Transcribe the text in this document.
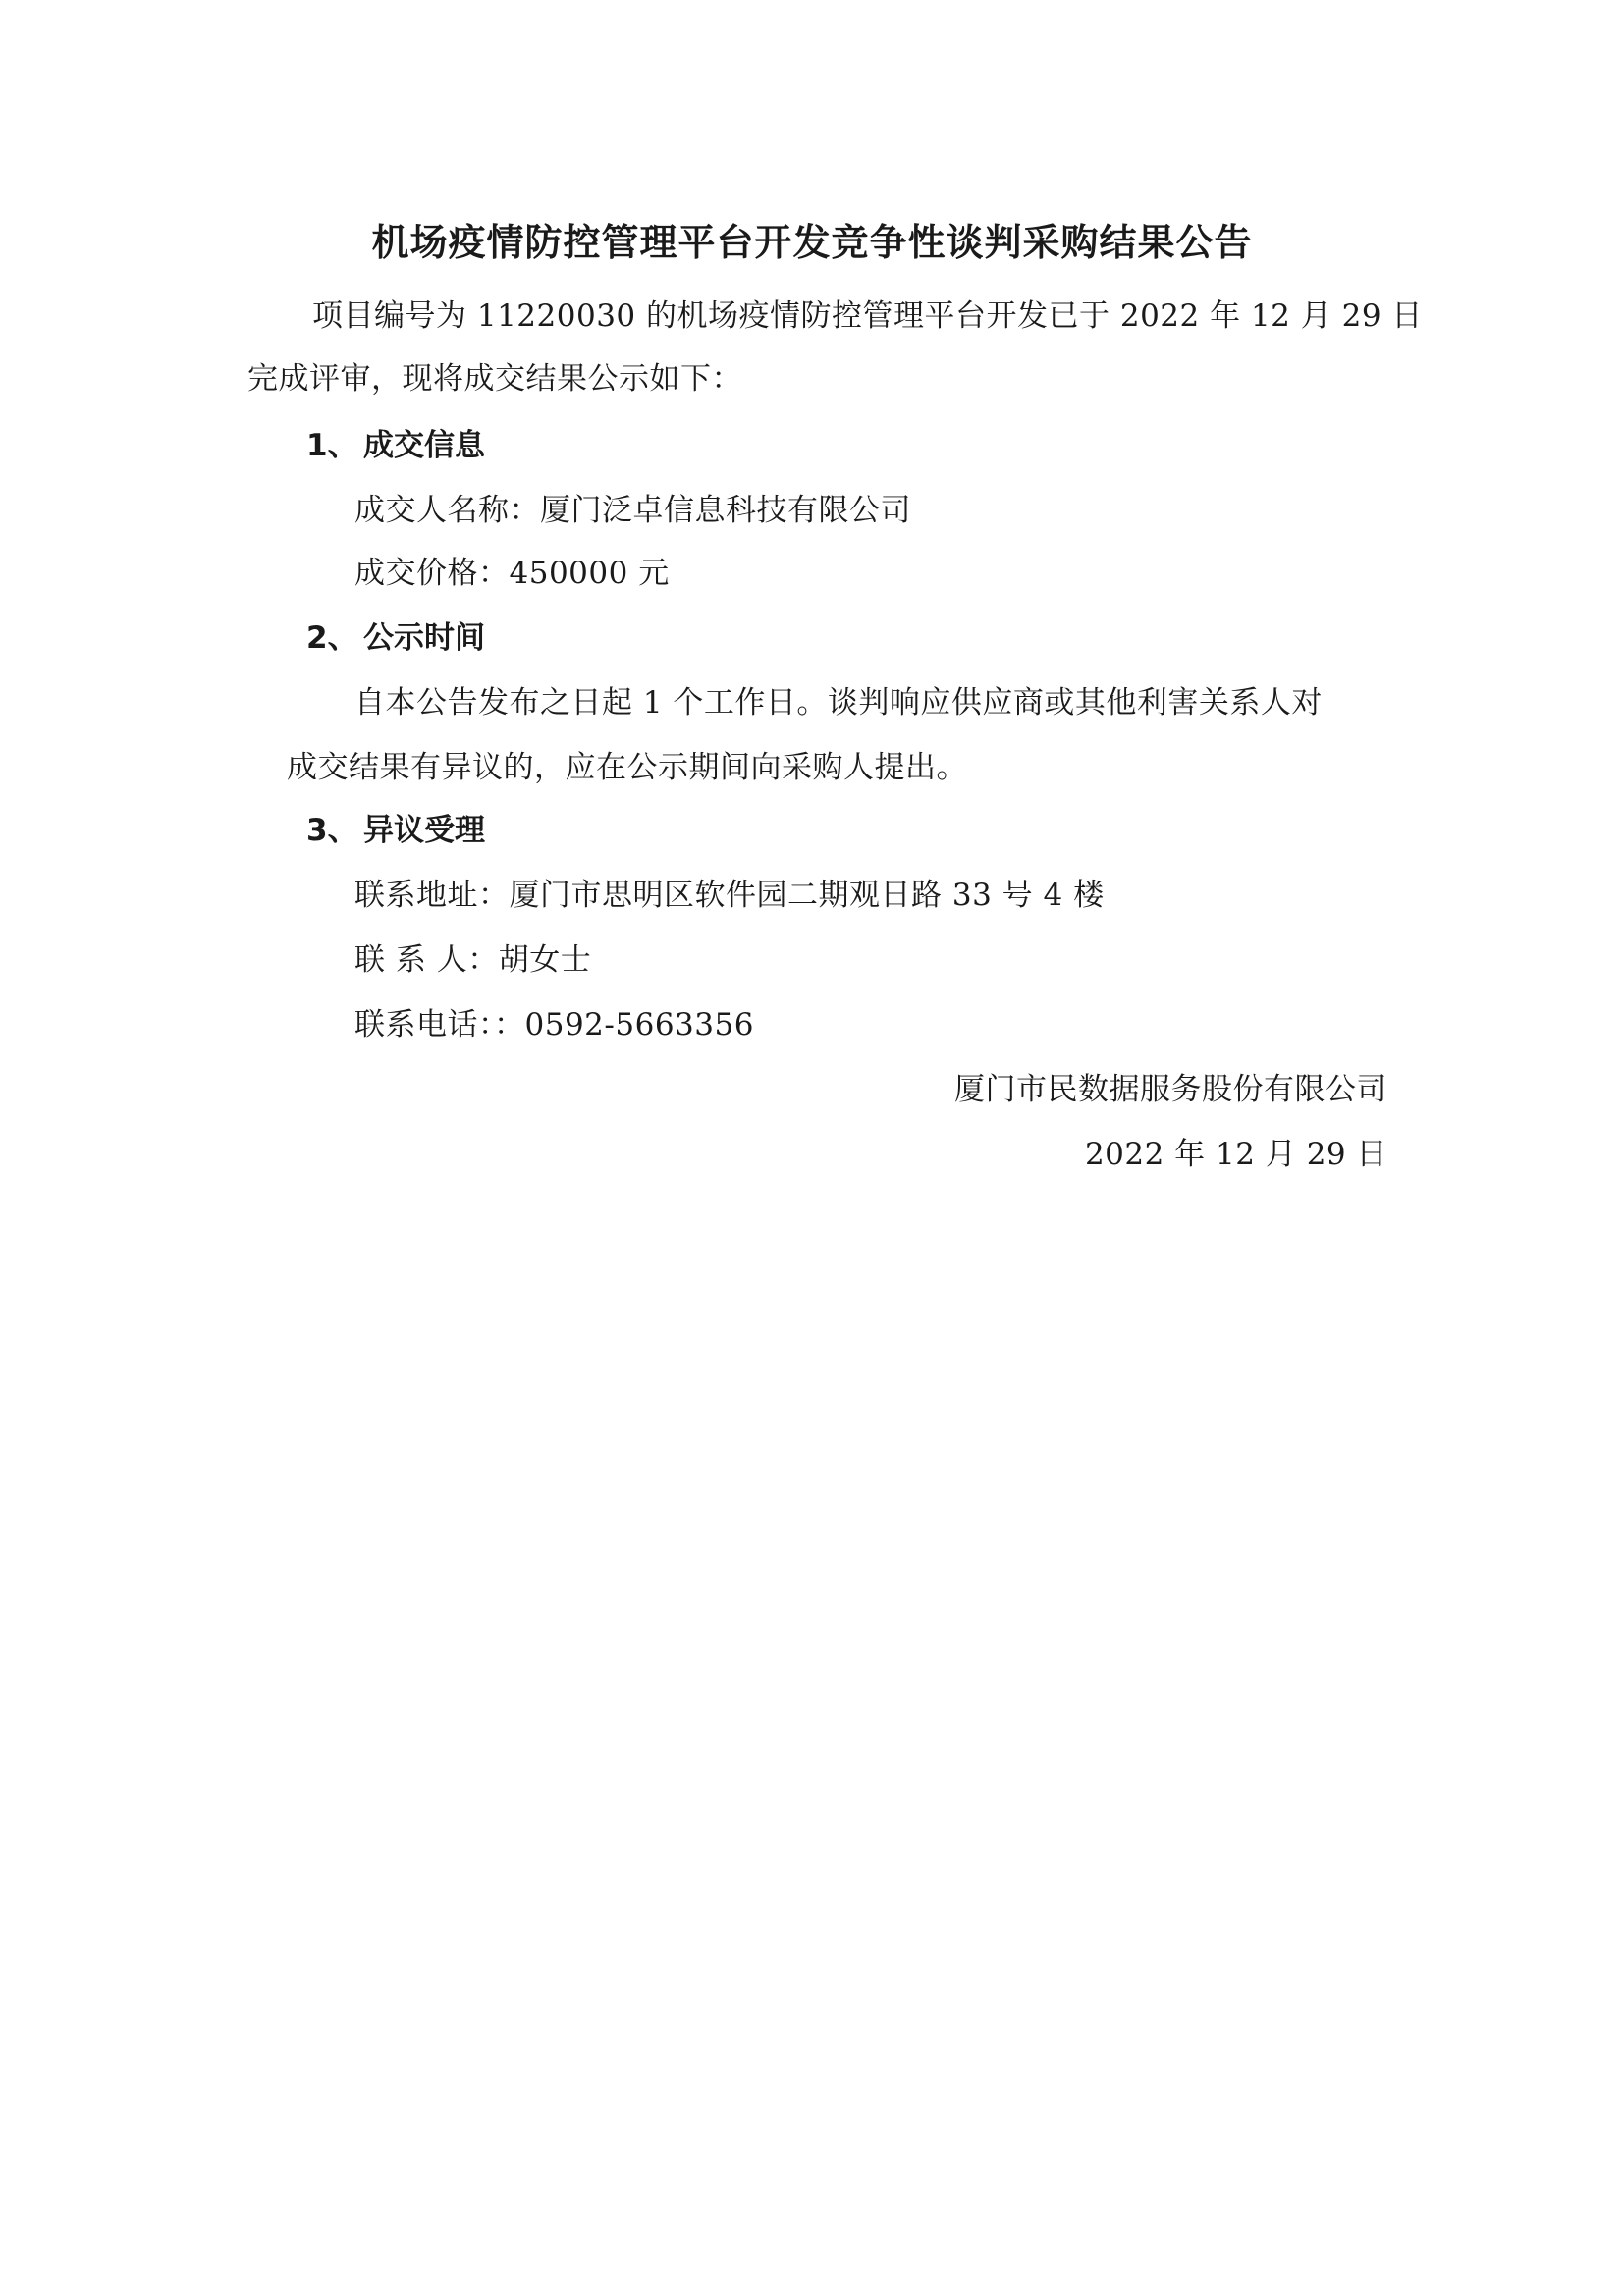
机场疫情防控管理平台开发竞争性谈判采购结果公告
项目编号为 11220030 的机场疫情防控管理平台开发已于 2022 年 12 月 29 日
完成评审，现将成交结果公示如下：
1、 成交信息
成交人名称：厦门泛卓信息科技有限公司
成交价格：450000 元
2、 公示时间
自本公告发布之日起 1 个工作日。谈判响应供应商或其他利害关系人对
成交结果有异议的，应在公示期间向采购人提出。
3、 异议受理
联系地址：厦门市思明区软件园二期观日路 33 号 4 楼
联 系 人：胡女士
联系电话：：0592-5663356
厦门市民数据服务股份有限公司
2022 年 12 月 29 日
